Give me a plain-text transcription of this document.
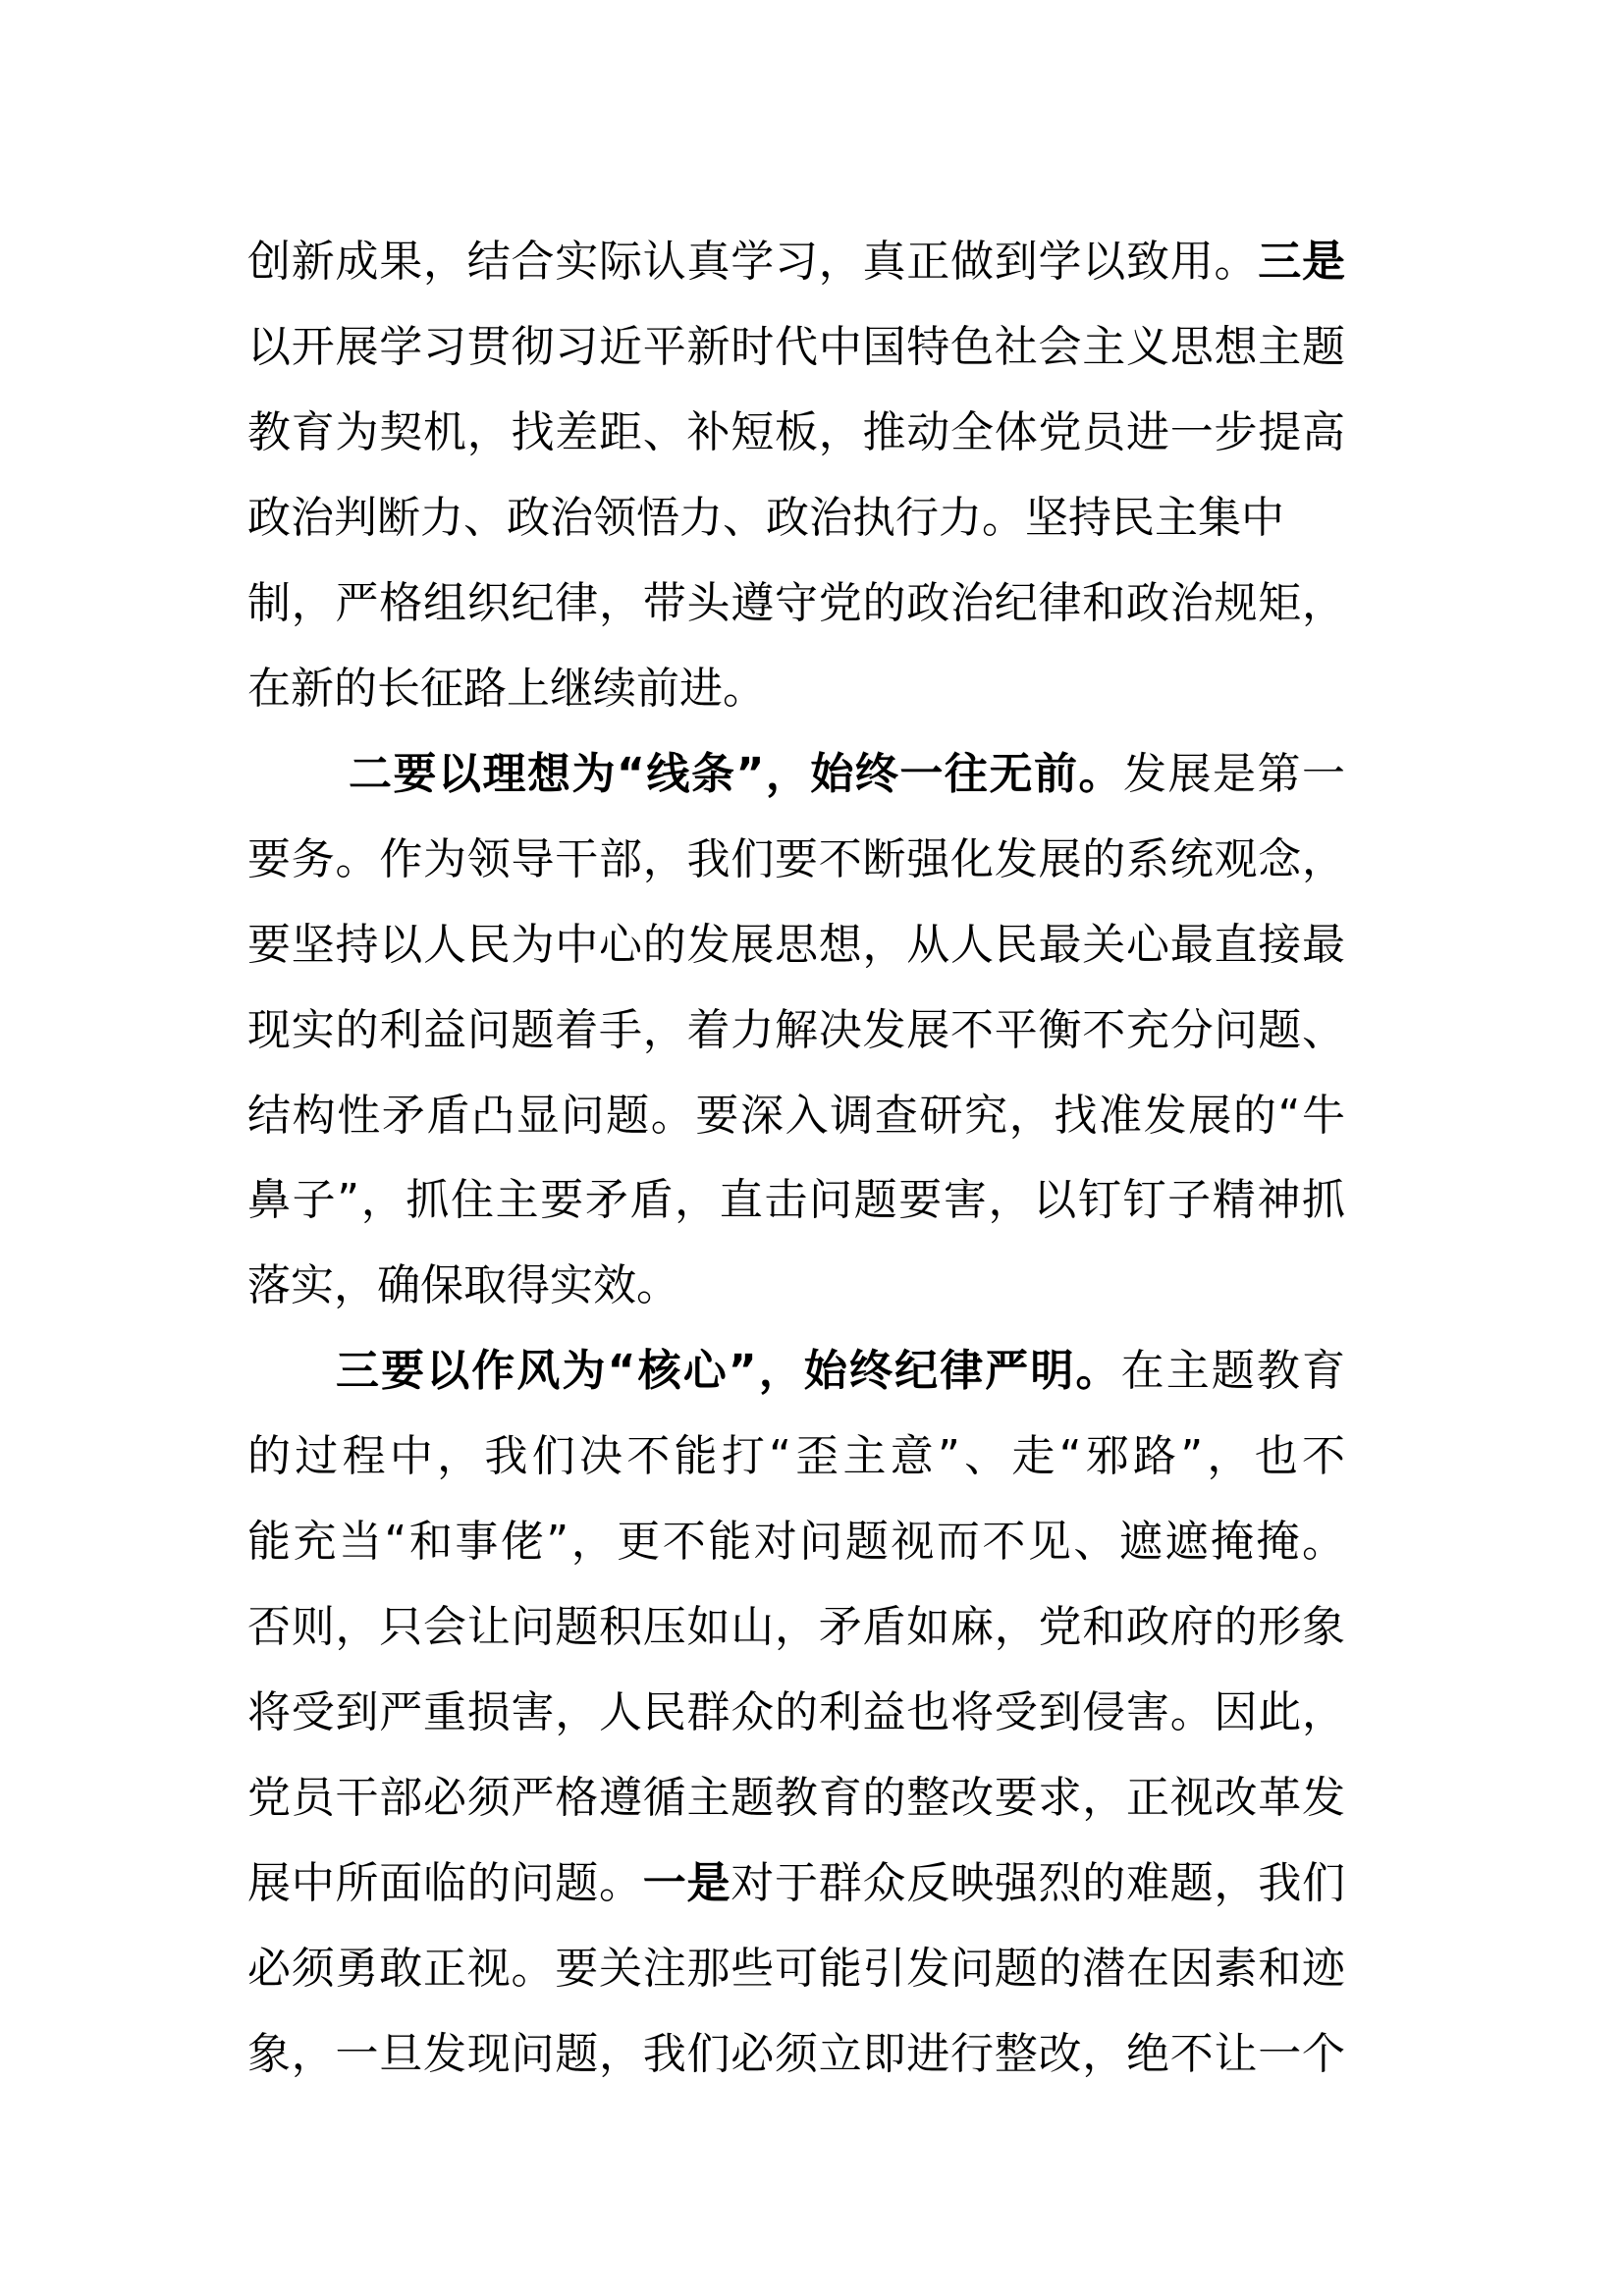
创新成果，结合实际认真学习，真正做到学以致用。三是
以开展学习贯彻习近平新时代中国特色社会主义思想主题
教育为契机，找差距、补短板，推动全体党员进一步提高
政治判断力、政治领悟力、政治执行力。坚持民主集中
制，严格组织纪律，带头遵守党的政治纪律和政治规矩，
在新的长征路上继续前进。
二要以理想为“线条”，始终一往无前。发展是第一
要务。作为领导干部，我们要不断强化发展的系统观念，
要坚持以人民为中心的发展思想，从人民最关心最直接最
现实的利益问题着手，着力解决发展不平衡不充分问题、
结构性矛盾凸显问题。要深入调查研究，找准发展的“牛
鼻子”，抓住主要矛盾，直击问题要害，以钉钉子精神抓
落实，确保取得实效。
三要以作风为“核心”，始终纪律严明。在主题教育
的过程中，我们决不能打“歪主意”、走“邪路”，也不
能充当“和事佬”，更不能对问题视而不见、遮遮掩掩。
否则，只会让问题积压如山，矛盾如麻，党和政府的形象
将受到严重损害，人民群众的利益也将受到侵害。因此，
党员干部必须严格遵循主题教育的整改要求，正视改革发
展中所面临的问题。一是对于群众反映强烈的难题，我们
必须勇敢正视。要关注那些可能引发问题的潜在因素和迹
象，一旦发现问题，我们必须立即进行整改，绝不让一个
